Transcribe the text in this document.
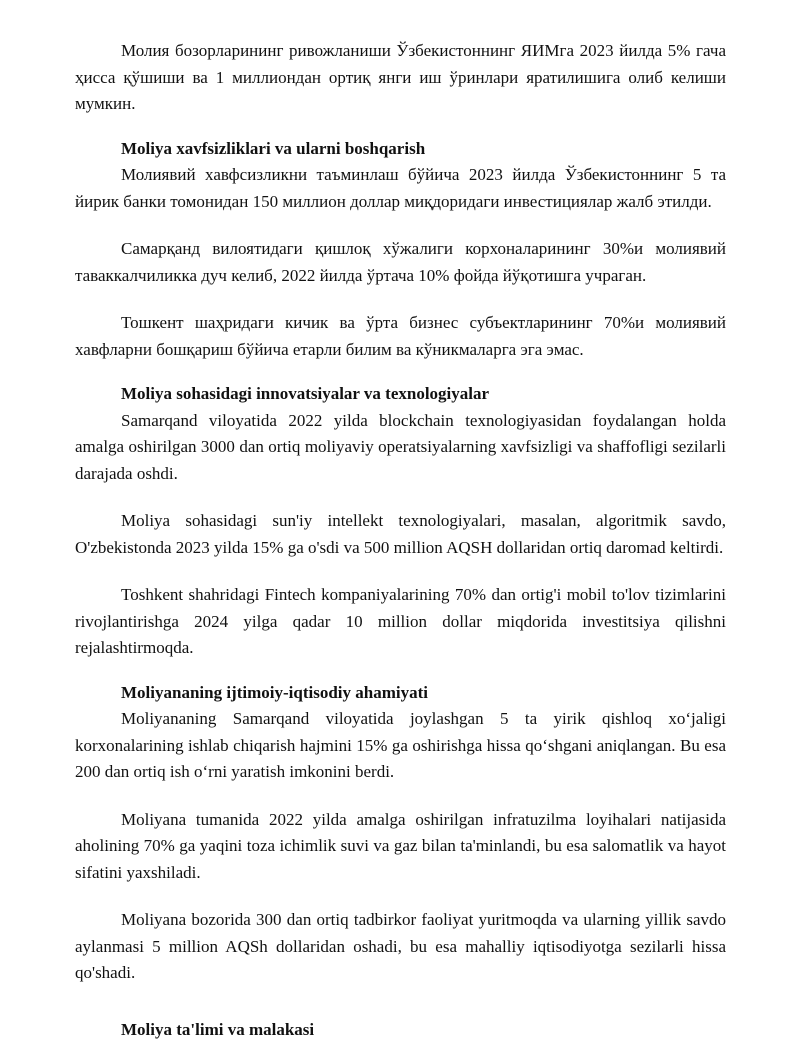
Молия бозорларининг ривожланиши Ўзбекистоннинг ЯИМга 2023 йилда 5% гача ҳисса қўшиши ва 1 миллиондан ортиқ янги иш ўринлари яратилишига олиб келиши мумкин.

Moliya xavfsizliklari va ularni boshqarish

Молиявий хавфсизликни таъминлаш бўйича 2023 йилда Ўзбекистоннинг 5 та йирик банки томонидан 150 миллион доллар миқдоридаги инвестициялар жалб этилди.

Самарқанд вилоятидаги қишлоқ хўжалиги корхоналарининг 30%и молиявий таваккалчиликка дуч келиб, 2022 йилда ўртача 10% фойда йўқотишга учраган.

Тошкент шаҳридаги кичик ва ўрта бизнес субъектларининг 70%и молиявий хавфларни бошқариш бўйича етарли билим ва кўникмаларга эга эмас.

Moliya sohasidagi innovatsiyalar va texnologiyalar

Samarqand viloyatida 2022 yilda blockchain texnologiyasidan foydalangan holda amalga oshirilgan 3000 dan ortiq moliyaviy operatsiyalarning xavfsizligi va shaffofligi sezilarli darajada oshdi.

Moliya sohasidagi sun'iy intellekt texnologiyalari, masalan, algoritmik savdo, O'zbekistonda 2023 yilda 15% ga o'sdi va 500 million AQSH dollaridan ortiq daromad keltirdi.

Toshkent shahridagi Fintech kompaniyalarining 70% dan ortig'i mobil to'lov tizimlarini rivojlantirishga 2024 yilga qadar 10 million dollar miqdorida investitsiya qilishni rejalashtirmoqda.

Moliyananing ijtimoiy-iqtisodiy ahamiyati

Moliyananing Samarqand viloyatida joylashgan 5 ta yirik qishloq xo‘jaligi korxonalarining ishlab chiqarish hajmini 15% ga oshirishga hissa qo‘shgani aniqlangan. Bu esa 200 dan ortiq ish o‘rni yaratish imkonini berdi.

Moliyana tumanida 2022 yilda amalga oshirilgan infratuzilma loyihalari natijasida aholining 70% ga yaqini toza ichimlik suvi va gaz bilan ta'minlandi, bu esa salomatlik va hayot sifatini yaxshiladi.

Moliyana bozorida 300 dan ortiq tadbirkor faoliyat yuritmoqda va ularning yillik savdo aylanmasi 5 million AQSh dollaridan oshadi, bu esa mahalliy iqtisodiyotga sezilarli hissa qo'shadi.

Moliya ta'limi va malakasi
